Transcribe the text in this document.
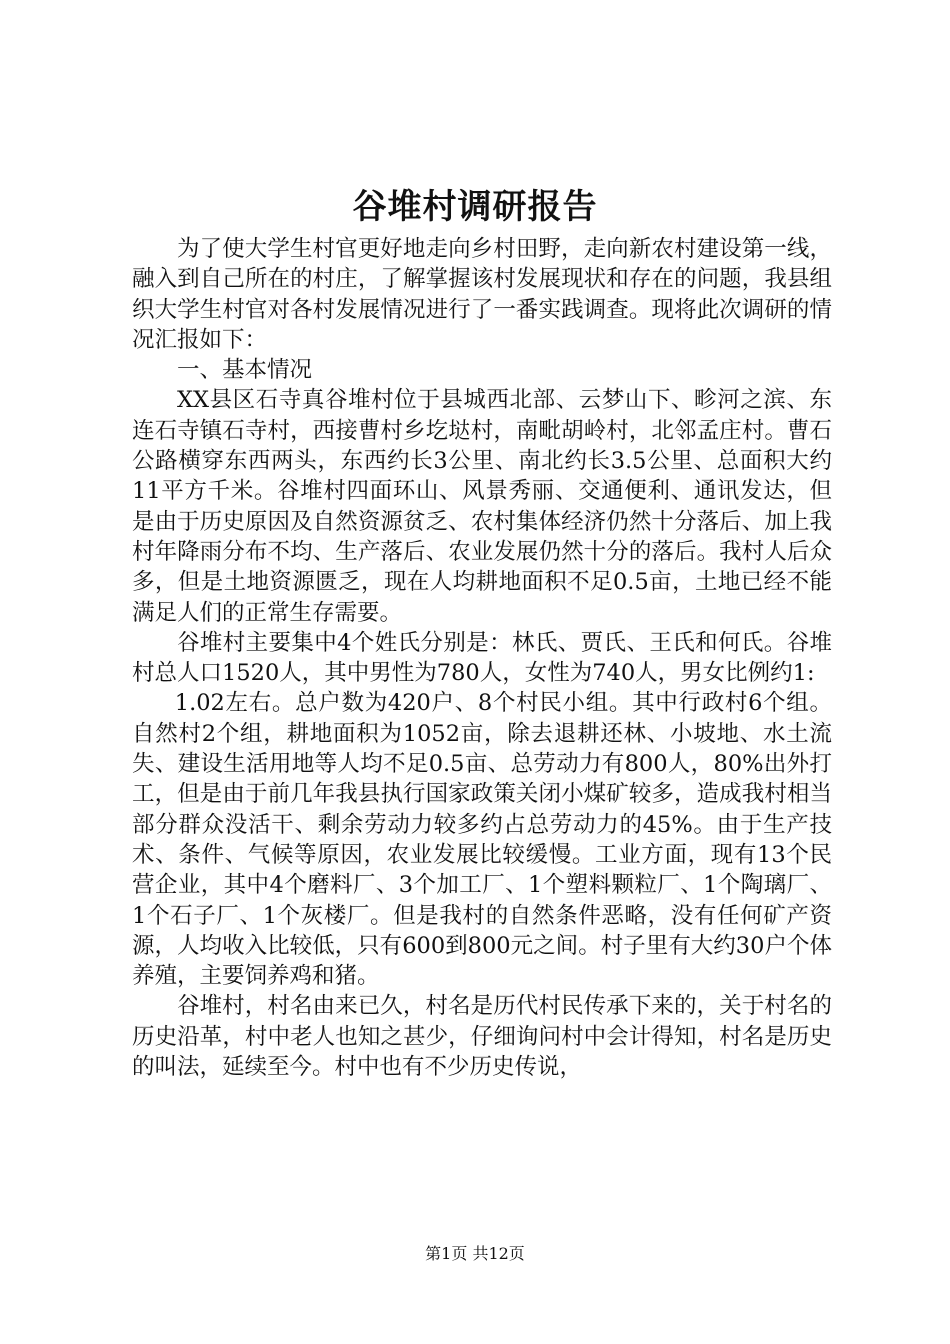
谷堆村调研报告

为了使大学生村官更好地走向乡村田野，走向新农村建设第一线，融入到自己所在的村庄，了解掌握该村发展现状和存在的问题，我县组织大学生村官对各村发展情况进行了一番实践调查。现将此次调研的情况汇报如下：

一、基本情况

XX县区石寺真谷堆村位于县城西北部、云梦山下、畛河之滨、东连石寺镇石寺村，西接曹村乡圪垯村，南毗胡岭村，北邻孟庄村。曹石公路横穿东西两头，东西约长3公里、南北约长3.5公里、总面积大约11平方千米。谷堆村四面环山、风景秀丽、交通便利、通讯发达，但是由于历史原因及自然资源贫乏、农村集体经济仍然十分落后、加上我村年降雨分布不均、生产落后、农业发展仍然十分的落后。我村人后众多，但是土地资源匮乏，现在人均耕地面积不足0.5亩，土地已经不能满足人们的正常生存需要。

谷堆村主要集中4个姓氏分别是：林氏、贾氏、王氏和何氏。谷堆村总人口1520人，其中男性为780人，女性为740人，男女比例约1:

1.02左右。总户数为420户、8个村民小组。其中行政村6个组。自然村2个组，耕地面积为1052亩，除去退耕还林、小坡地、水土流失、建设生活用地等人均不足0.5亩、总劳动力有800人，80%出外打工，但是由于前几年我县执行国家政策关闭小煤矿较多，造成我村相当部分群众没活干、剩余劳动力较多约占总劳动力的45%。由于生产技术、条件、气候等原因，农业发展比较缓慢。工业方面，现有13个民营企业，其中4个磨料厂、3个加工厂、1个塑料颗粒厂、1个陶璃厂、1个石子厂、1个灰楼厂。但是我村的自然条件恶略，没有任何矿产资源，人均收入比较低，只有600到800元之间。村子里有大约30户个体养殖，主要饲养鸡和猪。

谷堆村，村名由来已久，村名是历代村民传承下来的，关于村名的历史沿革，村中老人也知之甚少，仔细询问村中会计得知，村名是历史的叫法，延续至今。村中也有不少历史传说，

第1页 共12页
